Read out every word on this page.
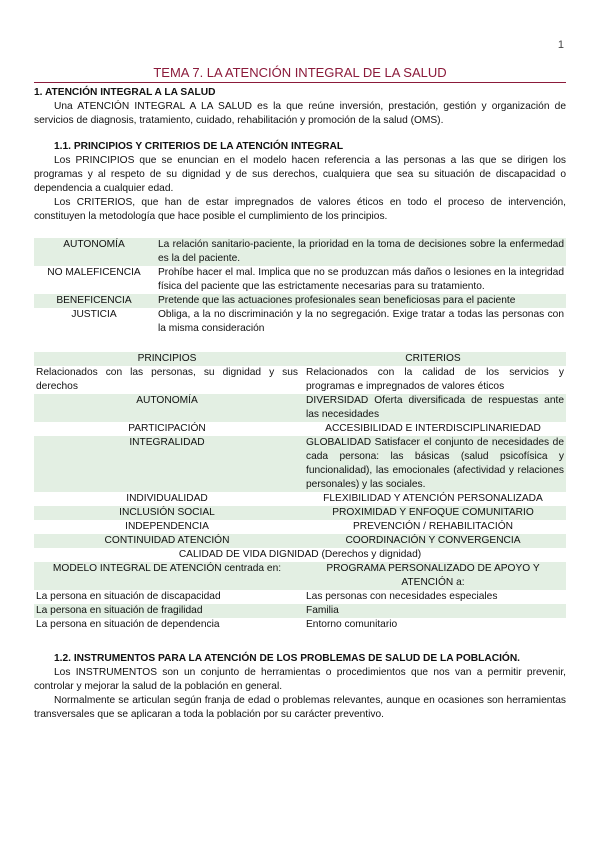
1
TEMA 7. LA ATENCIÓN INTEGRAL DE LA SALUD
1. ATENCIÓN INTEGRAL A LA SALUD

Una ATENCIÓN INTEGRAL A LA SALUD es la que reúne inversión, prestación, gestión y organización de servicios de diagnosis, tratamiento, cuidado, rehabilitación y promoción de la salud (OMS).

1.1. PRINCIPIOS Y CRITERIOS DE LA ATENCIÓN INTEGRAL

Los PRINCIPIOS que se enuncian en el modelo hacen referencia a las personas a las que se dirigen los programas y al respeto de su dignidad y de sus derechos, cualquiera que sea su situación de discapacidad o dependencia a cualquier edad.

Los CRITERIOS, que han de estar impregnados de valores éticos en todo el proceso de intervención, constituyen la metodología que hace posible el cumplimiento de los principios.

AUTONOMÍA	La relación sanitario-paciente, la prioridad en la toma de decisiones sobre la enfermedad es la del paciente.
NO MALEFICENCIA	Prohíbe hacer el mal. Implica que no se produzcan más daños o lesiones en la integridad física del paciente que las estrictamente necesarias para su tratamiento.
BENEFICENCIA	Pretende que las actuaciones profesionales sean beneficiosas para el paciente
JUSTICIA	Obliga, a la no discriminación y la no segregación. Exige tratar a todas las personas con la misma consideración
PRINCIPIOS	CRITERIOS
Relacionados con las personas, su dignidad y sus derechos	Relacionados con la calidad de los servicios y programas e impregnados de valores éticos
AUTONOMÍA	DIVERSIDAD Oferta diversificada de respuestas ante las necesidades
PARTICIPACIÓN	ACCESIBILIDAD E INTERDISCIPLINARIEDAD
INTEGRALIDAD	GLOBALIDAD Satisfacer el conjunto de necesidades de cada persona: las básicas (salud psicofísica y funcionalidad), las emocionales (afectividad y relaciones personales) y las sociales.
INDIVIDUALIDAD	FLEXIBILIDAD Y ATENCIÓN PERSONALIZADA
INCLUSIÓN SOCIAL	PROXIMIDAD Y ENFOQUE COMUNITARIO
INDEPENDENCIA	PREVENCIÓN / REHABILITACIÓN
CONTINUIDAD ATENCIÓN	COORDINACIÓN Y CONVERGENCIA
CALIDAD DE VIDA DIGNIDAD (Derechos y dignidad)	
MODELO INTEGRAL DE ATENCIÓN centrada en:	PROGRAMA PERSONALIZADO DE APOYO Y ATENCIÓN a:
La persona en situación de discapacidad	Las personas con necesidades especiales
La persona en situación de fragilidad	Familia
La persona en situación de dependencia	Entorno comunitario
1.2. INSTRUMENTOS PARA LA ATENCIÓN DE LOS PROBLEMAS DE SALUD DE LA POBLACIÓN.

Los INSTRUMENTOS son un conjunto de herramientas o procedimientos que nos van a permitir prevenir, controlar y mejorar la salud de la población en general.

Normalmente se articulan según franja de edad o problemas relevantes, aunque en ocasiones son herramientas transversales que se aplicaran a toda la población por su carácter preventivo.
